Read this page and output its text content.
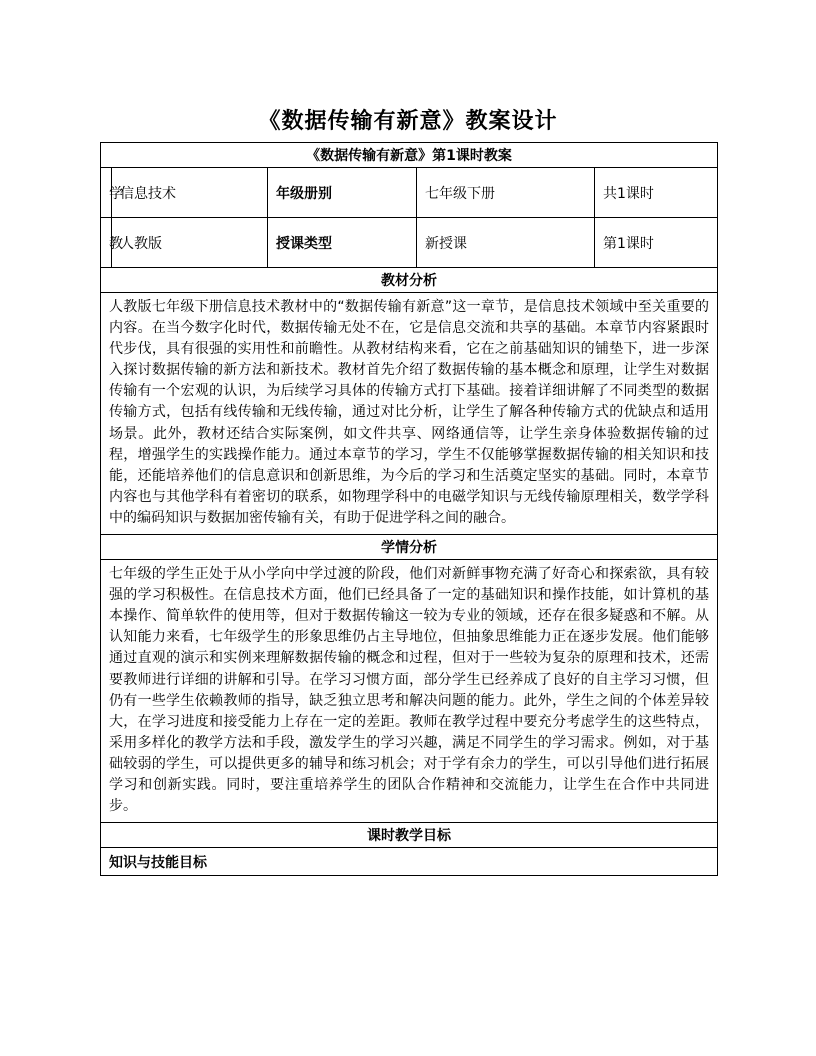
《数据传输有新意》教案设计
《数据传输有新意》第1课时教案				

学	信息技术	年级册别	七年级下册	共1课时

教	人教版	授课类型	新授课	第1课时
教材分析				
人教版七年级下册信息技术教材中的“数据传输有新意”这一章节，是信息技术领域中至关重要的内容。在当今数字化时代，数据传输无处不在，它是信息交流和共享的基础。本章节内容紧跟时代步伐，具有很强的实用性和前瞻性。从教材结构来看，它在之前基础知识的铺垫下，进一步深入探讨数据传输的新方法和新技术。教材首先介绍了数据传输的基本概念和原理，让学生对数据传输有一个宏观的认识，为后续学习具体的传输方式打下基础。接着详细讲解了不同类型的数据传输方式，包括有线传输和无线传输，通过对比分析，让学生了解各种传输方式的优缺点和适用场景。此外，教材还结合实际案例，如文件共享、网络通信等，让学生亲身体验数据传输的过程，增强学生的实践操作能力。通过本章节的学习，学生不仅能够掌握数据传输的相关知识和技能，还能培养他们的信息意识和创新思维，为今后的学习和生活奠定坚实的基础。同时，本章节内容也与其他学科有着密切的联系，如物理学科中的电磁学知识与无线传输原理相关，数学学科中的编码知识与数据加密传输有关，有助于促进学科之间的融合。				
学情分析				
七年级的学生正处于从小学向中学过渡的阶段，他们对新鲜事物充满了好奇心和探索欲，具有较强的学习积极性。在信息技术方面，他们已经具备了一定的基础知识和操作技能，如计算机的基本操作、简单软件的使用等，但对于数据传输这一较为专业的领域，还存在很多疑惑和不解。从认知能力来看，七年级学生的形象思维仍占主导地位，但抽象思维能力正在逐步发展。他们能够通过直观的演示和实例来理解数据传输的概念和过程，但对于一些较为复杂的原理和技术，还需要教师进行详细的讲解和引导。在学习习惯方面，部分学生已经养成了良好的自主学习习惯，但仍有一些学生依赖教师的指导，缺乏独立思考和解决问题的能力。此外，学生之间的个体差异较大，在学习进度和接受能力上存在一定的差距。教师在教学过程中要充分考虑学生的这些特点，采用多样化的教学方法和手段，激发学生的学习兴趣，满足不同学生的学习需求。例如，对于基础较弱的学生，可以提供更多的辅导和练习机会；对于学有余力的学生，可以引导他们进行拓展学习和创新实践。同时，要注重培养学生的团队合作精神和交流能力，让学生在合作中共同进步。				
课时教学目标				
知识与技能目标				
